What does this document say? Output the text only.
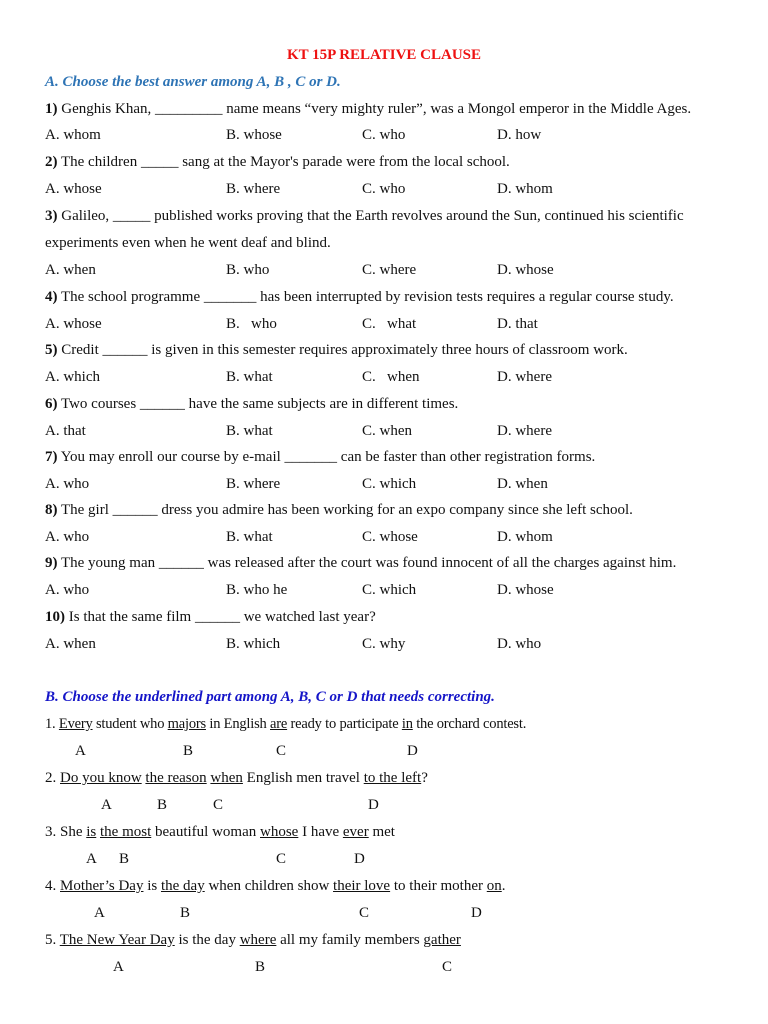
KT 15P RELATIVE CLAUSE
A. Choose the best answer among A, B , C or D.
1) Genghis Khan, _________ name means “very mighty ruler”, was a Mongol emperor in the Middle Ages.
A. whom	B. whose	C. who	D. how
2) The children _____ sang at the Mayor's parade were from the local school.
A. whose	B. where	C. who	D. whom
3) Galileo, _____ published works proving that the Earth revolves around the Sun, continued his scientific
experiments even when he went deaf and blind.
A. when	B. who	C. where	D. whose
4) The school programme _______ has been interrupted by revision tests requires a regular course study.
A. whose	B.   who	C.   what	D. that
5) Credit ______ is given in this semester requires approximately three hours of classroom work.
A. which	B. what	C.   when	D. where
6) Two courses ______ have the same subjects are in different times.
A. that	B. what	C. when	D. where
7) You may enroll our course by e-mail _______ can be faster than other registration forms.
A. who	B. where	C. which	D. when
8) The girl ______ dress you admire has been working for an expo company since she left school.
A. who	B. what	C. whose	D. whom
9) The young man ______ was released after the court was found innocent of all the charges against him.
A. who	B. who he	C. which	D. whose
10) Is that the same film ______ we watched last year?
A. when	B. which	C. why	D. who
B. Choose the underlined part among A, B, C or D that needs correcting.
1. Every student who majors in English are ready to participate in the orchard contest.
A	B	C	D
2. Do you know the reason when English men travel to the left?
A	B	C	D
3. She is the most beautiful woman whose I have ever met
A B	C	D
4. Mother’s Day is the day when children show their love to their mother on.
A	B	C	D
5. The New Year Day is the day where all my family members gather
A	B	C
